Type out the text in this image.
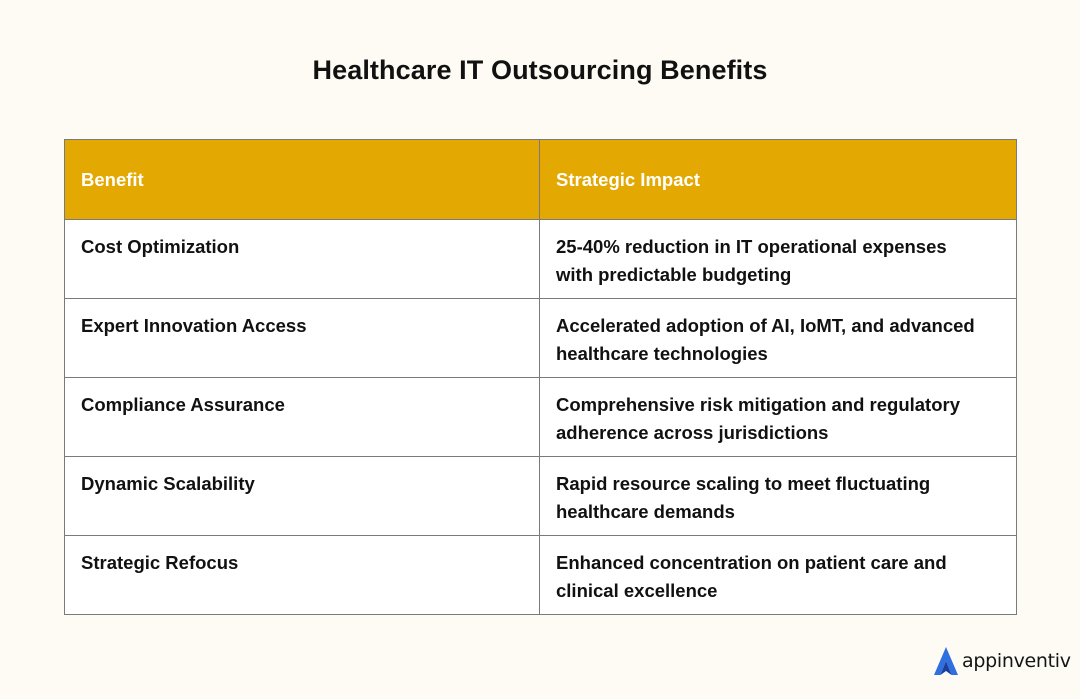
Healthcare IT Outsourcing Benefits
Benefit	Strategic Impact
Cost Optimization	25-40% reduction in IT operational expenses
with predictable budgeting
Expert Innovation Access	Accelerated adoption of AI, IoMT, and advanced
healthcare technologies
Compliance Assurance	Comprehensive risk mitigation and regulatory
adherence across jurisdictions
Dynamic Scalability	Rapid resource scaling to meet fluctuating
healthcare demands
Strategic Refocus	Enhanced concentration on patient care and
clinical excellence
appinventiv
